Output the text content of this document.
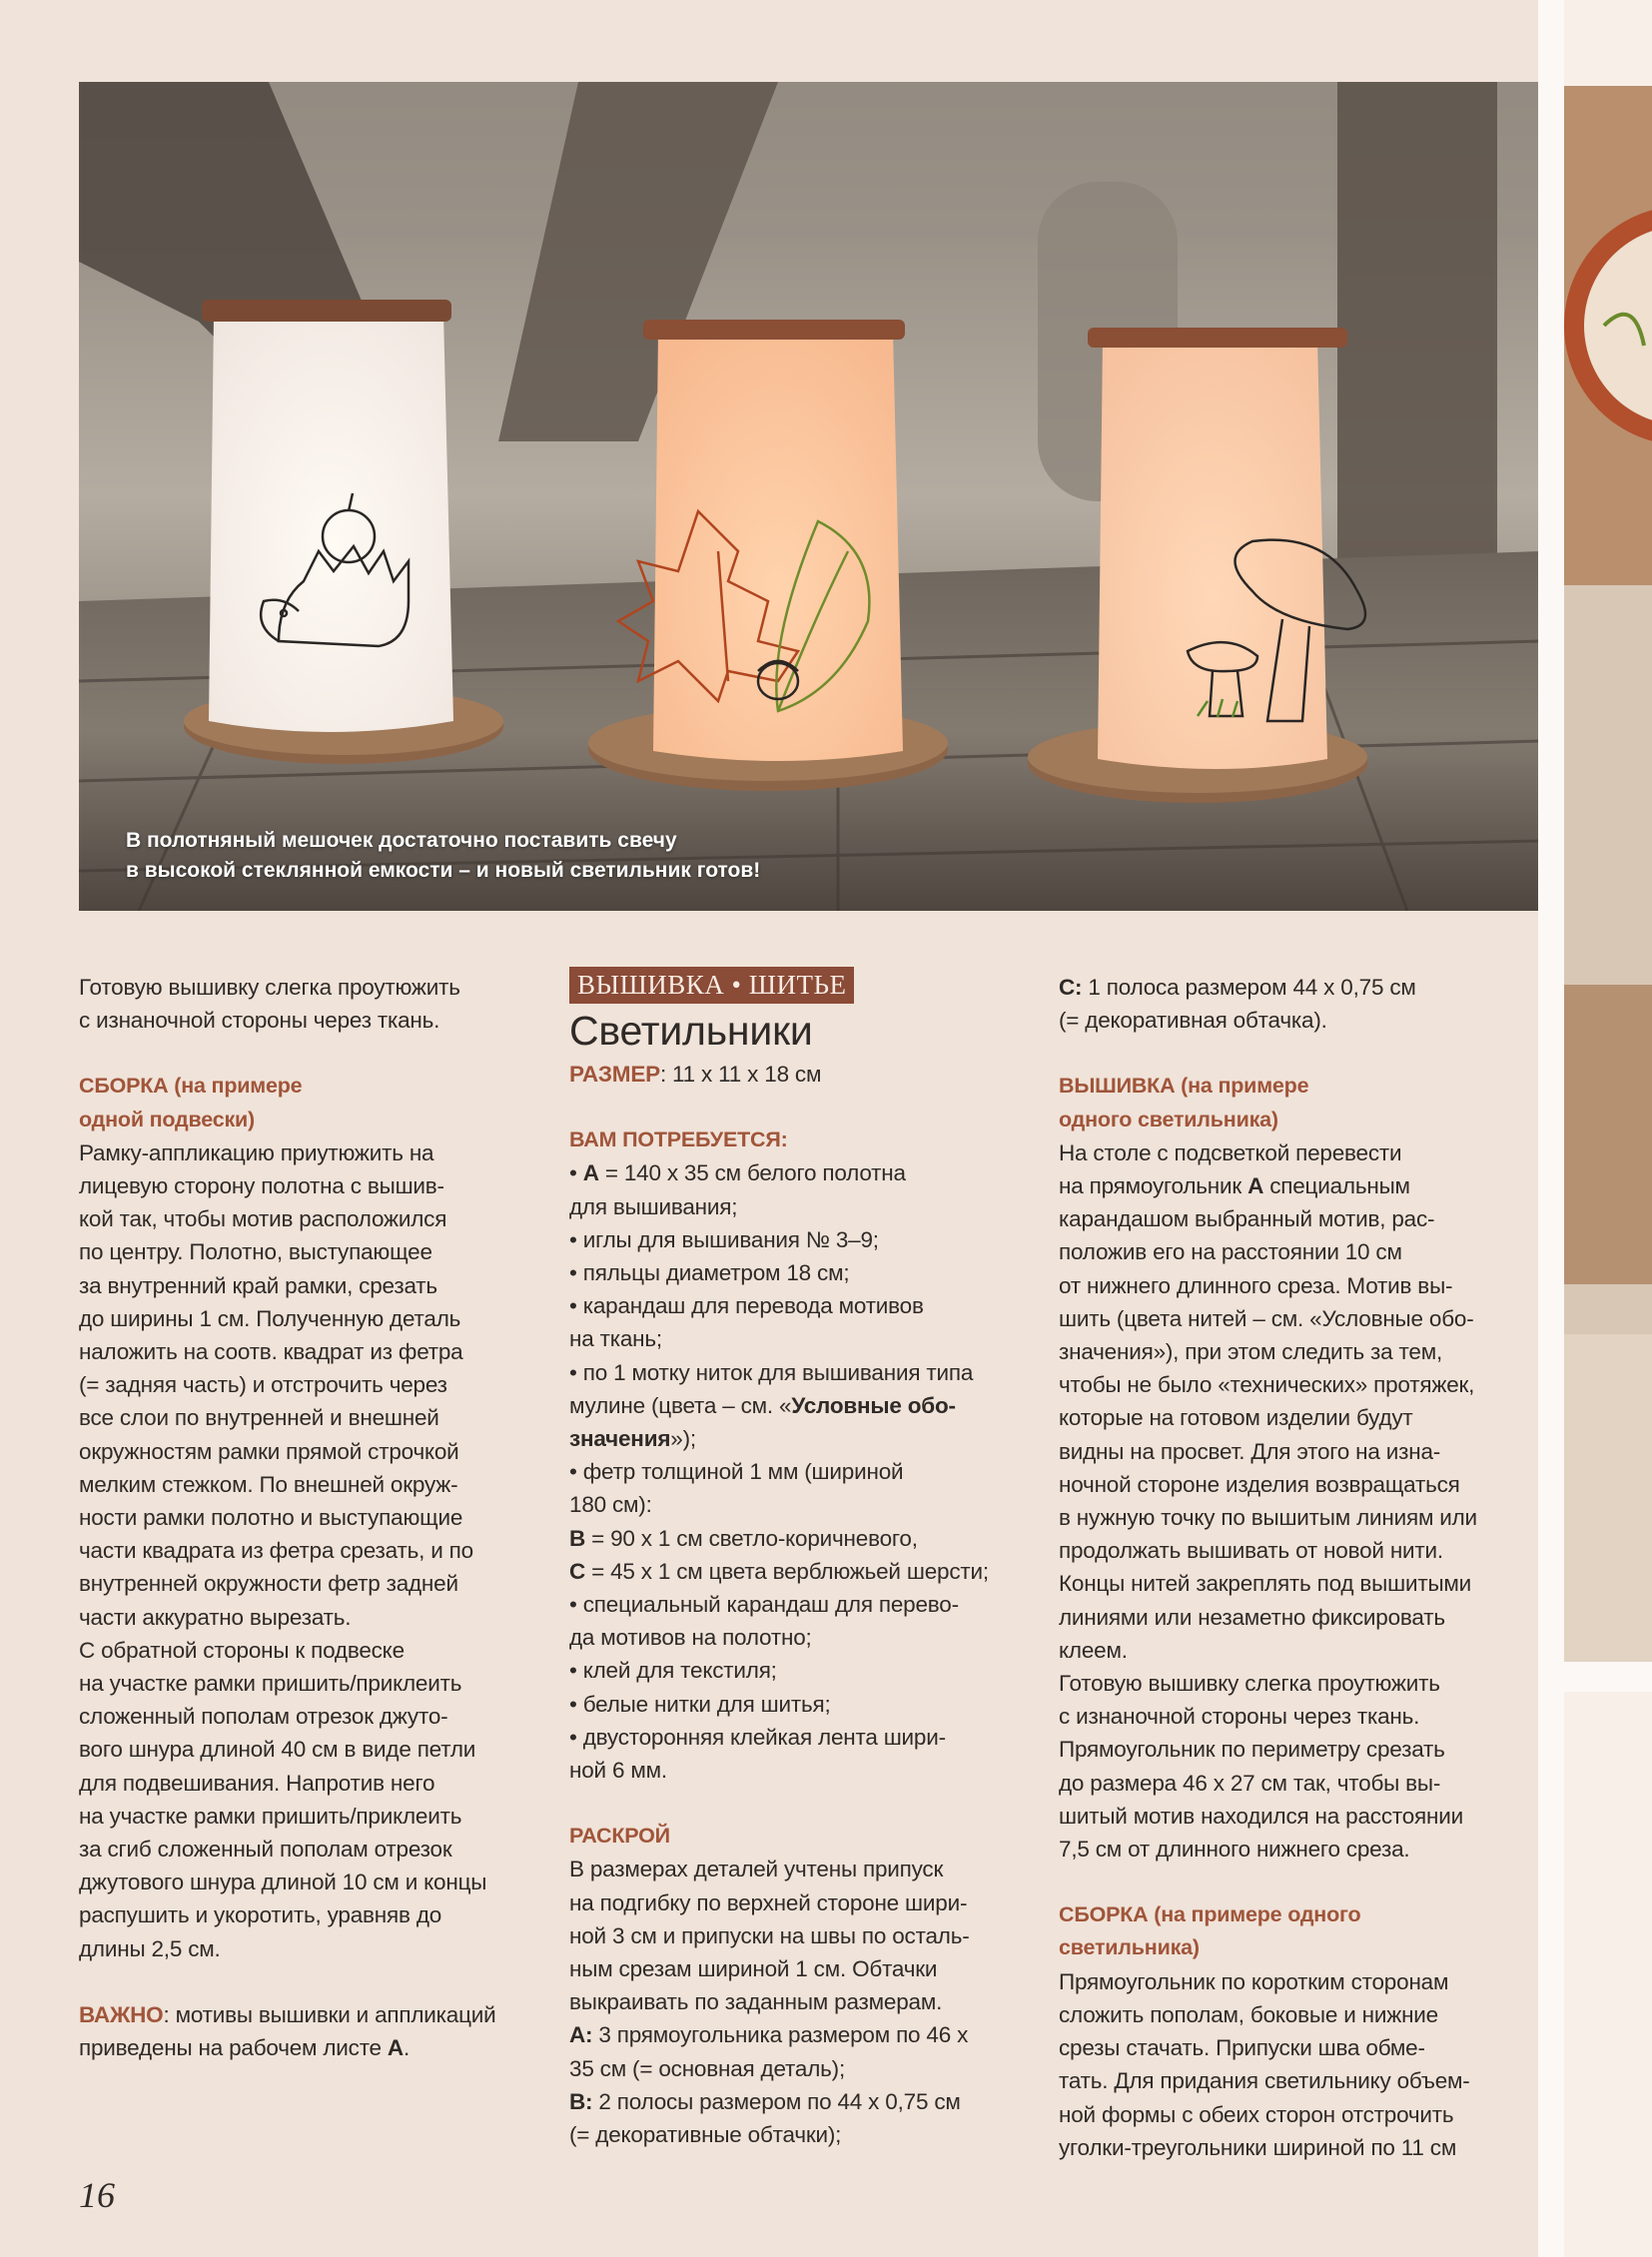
В полотняный мешочек достаточно поставить свечу
в высокой стеклянной емкости – и новый светильник готов!

Готовую вышивку слегка проутюжить

с изнаночной стороны через ткань.

СБОРКА (на примере

одной подвески)

Рамку-аппликацию приутюжить на

лицевую сторону полотна с вышив-

кой так, чтобы мотив расположился

по центру. Полотно, выступающее

за внутренний край рамки, срезать

до ширины 1 см. Полученную деталь

наложить на соотв. квадрат из фетра

(= задняя часть) и отстрочить через

все слои по внутренней и внешней

окружностям рамки прямой строчкой

мелким стежком. По внешней окруж-

ности рамки полотно и выступающие

части квадрата из фетра срезать, и по

внутренней окружности фетр задней

части аккуратно вырезать.

С обратной стороны к подвеске

на участке рамки пришить/приклеить

сложенный пополам отрезок джуто-

вого шнура длиной 40 см в виде петли

для подвешивания. Напротив него

на участке рамки пришить/приклеить

за сгиб сложенный пополам отрезок

джутового шнура длиной 10 см и концы

распушить и укоротить, уравняв до

длины 2,5 см.

ВАЖНО: мотивы вышивки и аппликаций

приведены на рабочем листе А.

ВЫШИВКА • ШИТЬЕ

Светильники

РАЗМЕР: 11 x 11 x 18 см

ВАМ ПОТРЕБУЕТСЯ:

• А = 140 x 35 см белого полотна

для вышивания;

• иглы для вышивания № 3–9;

• пяльцы диаметром 18 см;

• карандаш для перевода мотивов

на ткань;

• по 1 мотку ниток для вышивания типа

мулине (цвета – см. «Условные обо-

значения»);

• фетр толщиной 1 мм (шириной

180 см):

B = 90 x 1 см светло-коричневого,

C = 45 x 1 см цвета верблюжьей шерсти;

• специальный карандаш для перево-

да мотивов на полотно;

• клей для текстиля;

• белые нитки для шитья;

• двусторонняя клейкая лента шири-

ной 6 мм.

РАСКРОЙ

В размерах деталей учтены припуск

на подгибку по верхней стороне шири-

ной 3 см и припуски на швы по осталь-

ным срезам шириной 1 см. Обтачки

выкраивать по заданным размерам.

A: 3 прямоугольника размером по 46 x

35 см (= основная деталь);

B: 2 полосы размером по 44 x 0,75 см

(= декоративные обтачки);

C: 1 полоса размером 44 x 0,75 см

(= декоративная обтачка).

ВЫШИВКА (на примере

одного светильника)

На столе с подсветкой перевести

на прямоугольник А специальным

карандашом выбранный мотив, рас-

положив его на расстоянии 10 см

от нижнего длинного среза. Мотив вы-

шить (цвета нитей – см. «Условные обо-

значения»), при этом следить за тем,

чтобы не было «технических» протяжек,

которые на готовом изделии будут

видны на просвет. Для этого на изна-

ночной стороне изделия возвращаться

в нужную точку по вышитым линиям или

продолжать вышивать от новой нити.

Концы нитей закреплять под вышитыми

линиями или незаметно фиксировать

клеем.

Готовую вышивку слегка проутюжить

с изнаночной стороны через ткань.

Прямоугольник по периметру срезать

до размера 46 x 27 см так, чтобы вы-

шитый мотив находился на расстоянии

7,5 см от длинного нижнего среза.

СБОРКА (на примере одного

светильника)

Прямоугольник по коротким сторонам

сложить пополам, боковые и нижние

срезы стачать. Припуски шва обме-

тать. Для придания светильнику объем-

ной формы с обеих сторон отстрочить

уголки-треугольники шириной по 11 см

16
